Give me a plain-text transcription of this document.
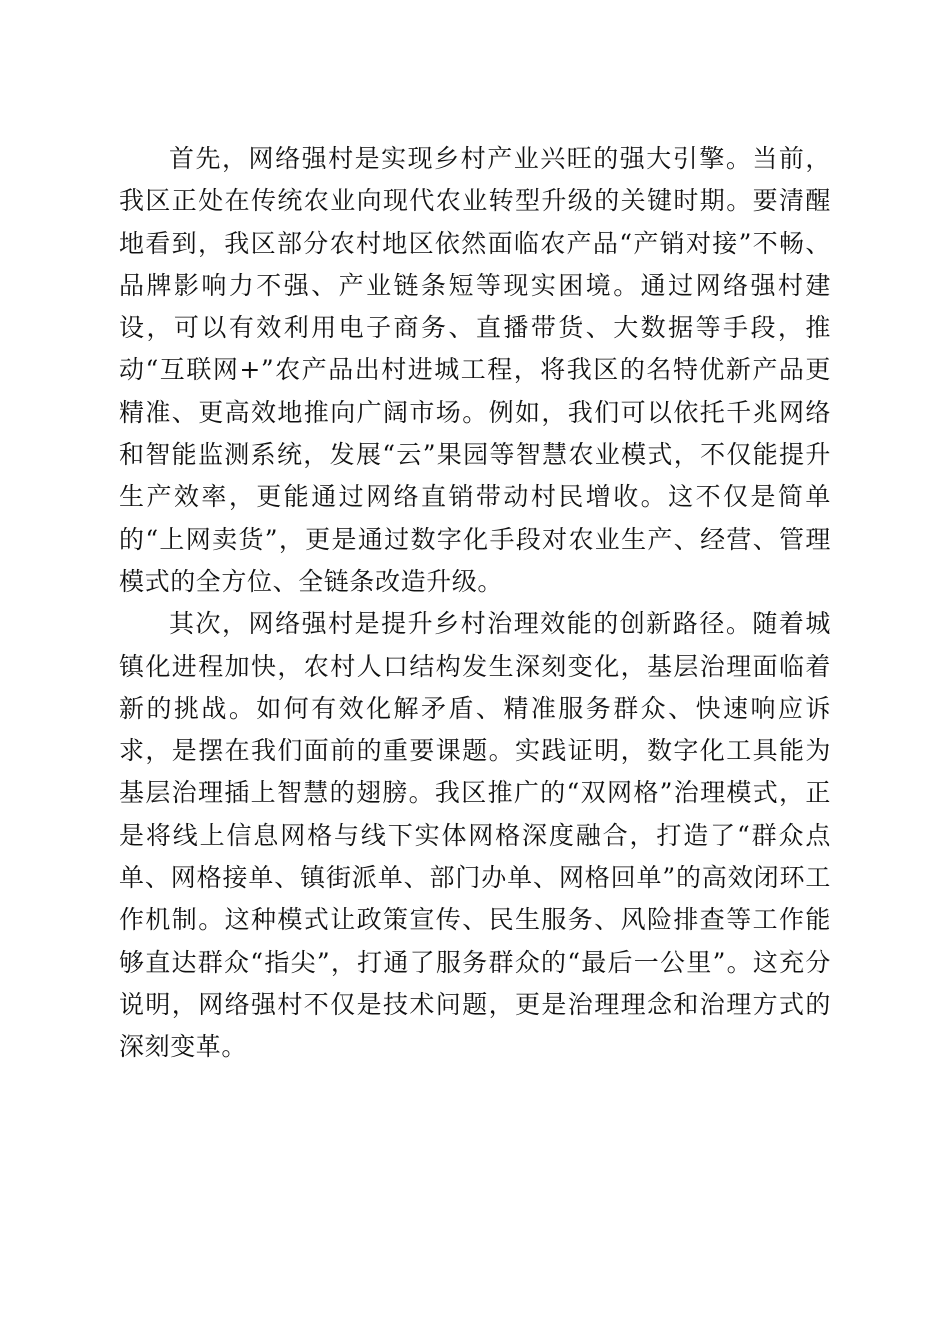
首先，网络强村是实现乡村产业兴旺的强大引擎。当前，我区正处在传统农业向现代农业转型升级的关键时期。要清醒地看到，我区部分农村地区依然面临农产品“产销对接”不畅、品牌影响力不强、产业链条短等现实困境。通过网络强村建设，可以有效利用电子商务、直播带货、大数据等手段，推动“互联网+”农产品出村进城工程，将我区的名特优新产品更精准、更高效地推向广阔市场。例如，我们可以依托千兆网络和智能监测系统，发展“云”果园等智慧农业模式，不仅能提升生产效率，更能通过网络直销带动村民增收。这不仅是简单的“上网卖货”，更是通过数字化手段对农业生产、经营、管理模式的全方位、全链条改造升级。

其次，网络强村是提升乡村治理效能的创新路径。随着城镇化进程加快，农村人口结构发生深刻变化，基层治理面临着新的挑战。如何有效化解矛盾、精准服务群众、快速响应诉求，是摆在我们面前的重要课题。实践证明，数字化工具能为基层治理插上智慧的翅膀。我区推广的“双网格”治理模式，正是将线上信息网格与线下实体网格深度融合，打造了“群众点单、网格接单、镇街派单、部门办单、网格回单”的高效闭环工作机制。这种模式让政策宣传、民生服务、风险排查等工作能够直达群众“指尖”，打通了服务群众的“最后一公里”。这充分说明，网络强村不仅是技术问题，更是治理理念和治理方式的深刻变革。
